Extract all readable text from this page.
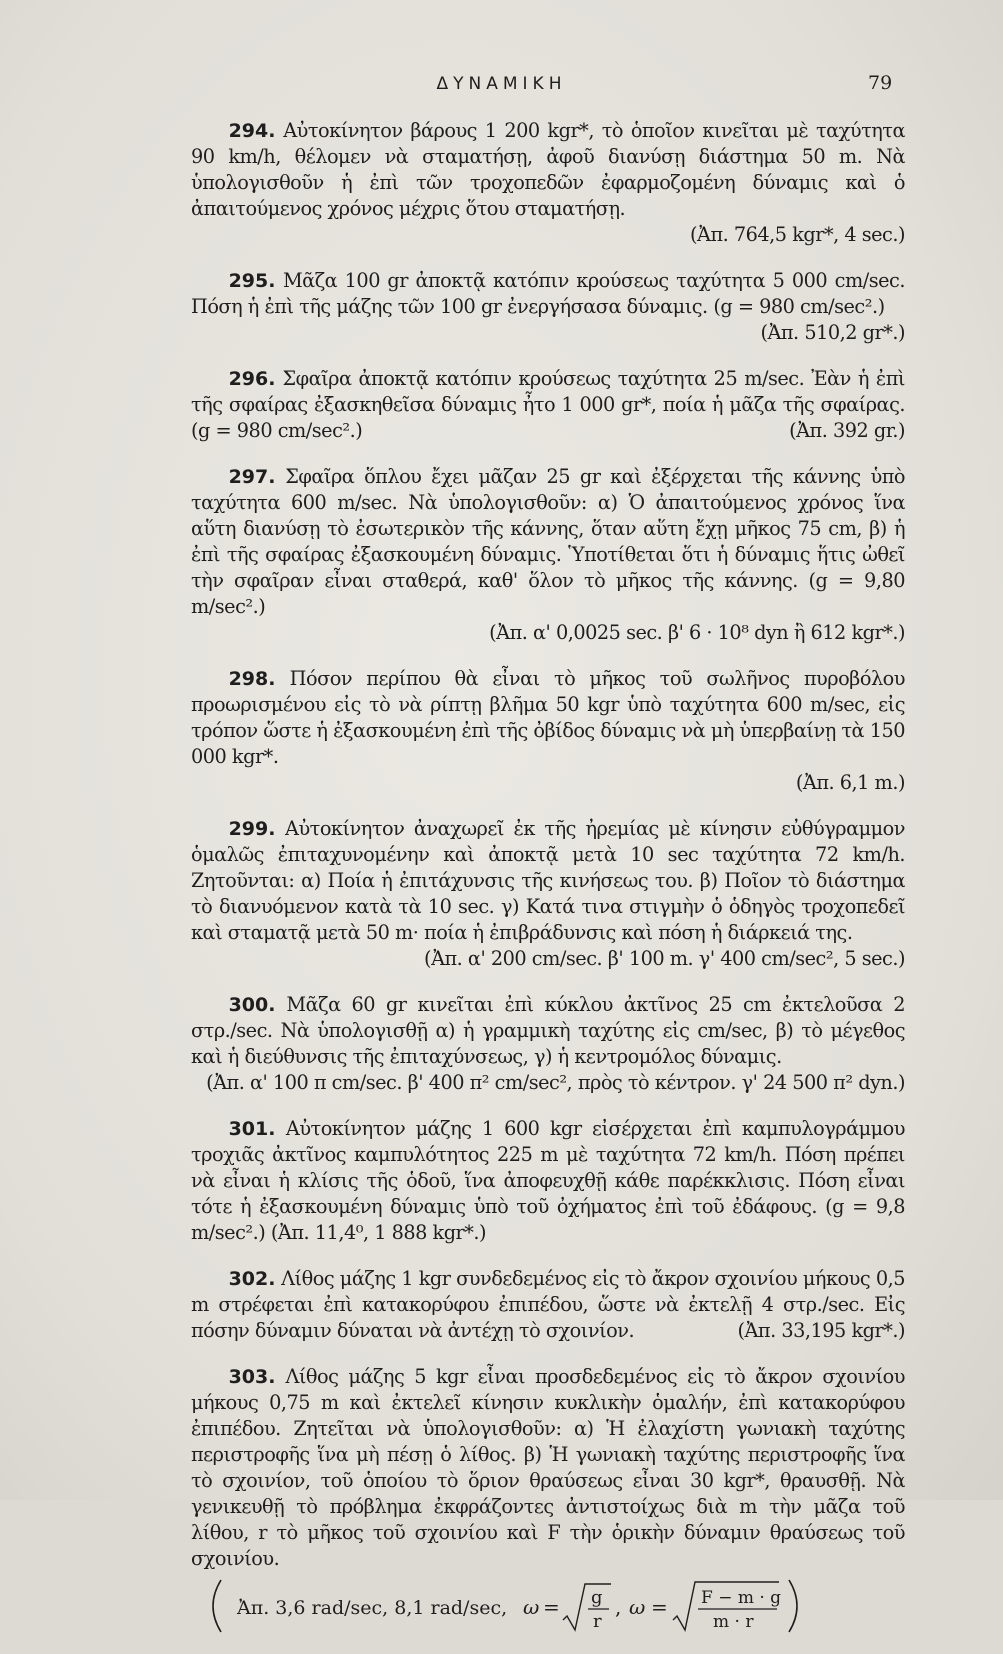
ΔΥΝΑΜΙΚΗ	79

  294. Αὐτοκίνητον βάρους 1 200 kgr*, τὸ ὁποῖον κινεῖται μὲ ταχύτητα 90 km/h, θέλομεν νὰ σταματήσῃ, ἀφοῦ διανύσῃ διάστημα 50 m. Νὰ ὑπολογισθοῦν ἡ ἐπὶ τῶν τροχοπεδῶν ἐφαρμοζομένη δύναμις καὶ ὁ ἀπαιτούμενος χρόνος μέχρις ὅτου σταματήσῃ.

(Ἀπ. 764,5 kgr*, 4 sec.)

  295. Μᾶζα 100 gr ἀποκτᾷ κατόπιν κρούσεως ταχύτητα 5 000 cm/sec. Πόση ἡ ἐπὶ τῆς μάζης τῶν 100 gr ἐνεργήσασα δύναμις. (g = 980 cm/sec².)

(Ἀπ. 510,2 gr*.)

  296. Σφαῖρα ἀποκτᾷ κατόπιν κρούσεως ταχύτητα 25 m/sec. Ἐὰν ἡ ἐπὶ τῆς σφαίρας ἐξασκηθεῖσα δύναμις ἦτο 1 000 gr*, ποία ἡ μᾶζα τῆς σφαίρας. (g = 980 cm/sec².)	(Ἀπ. 392 gr.)

  297. Σφαῖρα ὅπλου ἔχει μᾶζαν 25 gr καὶ ἐξέρχεται τῆς κάννης ὑπὸ ταχύτητα 600 m/sec. Νὰ ὑπολογισθοῦν: α) Ὁ ἀπαιτούμενος χρόνος ἵνα αὕτη διανύσῃ τὸ ἐσωτερικὸν τῆς κάννης, ὅταν αὕτη ἔχῃ μῆκος 75 cm, β) ἡ ἐπὶ τῆς σφαίρας ἐξασκουμένη δύναμις. Ὑποτίθεται ὅτι ἡ δύναμις ἥτις ὠθεῖ τὴν σφαῖραν εἶναι σταθερά, καθ' ὅλον τὸ μῆκος τῆς κάννης. (g = 9,80 m/sec².)

(Ἀπ. α' 0,0025 sec. β' 6 · 10⁸ dyn ἢ 612 kgr*.)

  298. Πόσον περίπου θὰ εἶναι τὸ μῆκος τοῦ σωλῆνος πυροβόλου προωρισμένου εἰς τὸ νὰ ρίπτῃ βλῆμα 50 kgr ὑπὸ ταχύτητα 600 m/sec, εἰς τρόπον ὥστε ἡ ἐξασκουμένη ἐπὶ τῆς ὀβίδος δύναμις νὰ μὴ ὑπερβαίνῃ τὰ 150 000 kgr*.

(Ἀπ. 6,1 m.)

  299. Αὐτοκίνητον ἀναχωρεῖ ἐκ τῆς ἠρεμίας μὲ κίνησιν εὐθύγραμμον ὁμαλῶς ἐπιταχυνομένην καὶ ἀποκτᾷ μετὰ 10 sec ταχύτητα 72 km/h. Ζητοῦνται: α) Ποία ἡ ἐπιτάχυνσις τῆς κινήσεως του. β) Ποῖον τὸ διάστημα τὸ διανυόμενον κατὰ τὰ 10 sec. γ) Κατά τινα στιγμὴν ὁ ὁδηγὸς τροχοπεδεῖ καὶ σταματᾷ μετὰ 50 m· ποία ἡ ἐπιβράδυνσις καὶ πόση ἡ διάρκειά της.

(Ἀπ. α' 200 cm/sec. β' 100 m. γ' 400 cm/sec², 5 sec.)

  300. Μᾶζα 60 gr κινεῖται ἐπὶ κύκλου ἀκτῖνος 25 cm ἐκτελοῦσα 2 στρ./sec. Νὰ ὑπολογισθῇ α) ἡ γραμμικὴ ταχύτης εἰς cm/sec, β) τὸ μέγεθος καὶ ἡ διεύθυνσις τῆς ἐπιταχύνσεως, γ) ἡ κεντρομόλος δύναμις.

(Ἀπ. α' 100 π cm/sec. β' 400 π² cm/sec², πρὸς τὸ κέντρον. γ' 24 500 π² dyn.)

  301. Αὐτοκίνητον μάζης 1 600 kgr εἰσέρχεται ἐπὶ καμπυλογράμμου τροχιᾶς ἀκτῖνος καμπυλότητος 225 m μὲ ταχύτητα 72 km/h. Πόση πρέπει νὰ εἶναι ἡ κλίσις τῆς ὁδοῦ, ἵνα ἀποφευχθῇ κάθε παρέκκλισις. Πόση εἶναι τότε ἡ ἐξασκουμένη δύναμις ὑπὸ τοῦ ὀχήματος ἐπὶ τοῦ ἐδάφους. (g = 9,8 m/sec².) (Ἀπ. 11,4⁰, 1 888 kgr*.)

  302. Λίθος μάζης 1 kgr συνδεδεμένος εἰς τὸ ἄκρον σχοινίου μήκους 0,5 m στρέφεται ἐπὶ κατακορύφου ἐπιπέδου, ὥστε νὰ ἐκτελῇ 4 στρ./sec. Εἰς πόσην δύναμιν δύναται νὰ ἀντέχῃ τὸ σχοινίον.	(Ἀπ. 33,195 kgr*.)

  303. Λίθος μάζης 5 kgr εἶναι προσδεδεμένος εἰς τὸ ἄκρον σχοινίου μήκους 0,75 m καὶ ἐκτελεῖ κίνησιν κυκλικὴν ὁμαλήν, ἐπὶ κατακορύφου ἐπιπέδου. Ζητεῖται νὰ ὑπολογισθοῦν: α) Ἡ ἐλαχίστη γωνιακὴ ταχύτης περιστροφῆς ἵνα μὴ πέσῃ ὁ λίθος. β) Ἡ γωνιακὴ ταχύτης περιστροφῆς ἵνα τὸ σχοινίον, τοῦ ὁποίου τὸ ὅριον θραύσεως εἶναι 30 kgr*, θραυσθῇ. Νὰ γενικευθῇ τὸ πρόβλημα ἐκφράζοντες ἀντιστοίχως διὰ m τὴν μᾶζα τοῦ λίθου, r τὸ μῆκος τοῦ σχοινίου καὶ F τὴν ὁρικὴν δύναμιν θραύσεως τοῦ σχοινίου.

Ἀπ. 3,6 rad/sec, 8,1 rad/sec, ω = g
r
, ω = F − m · g
m · r
